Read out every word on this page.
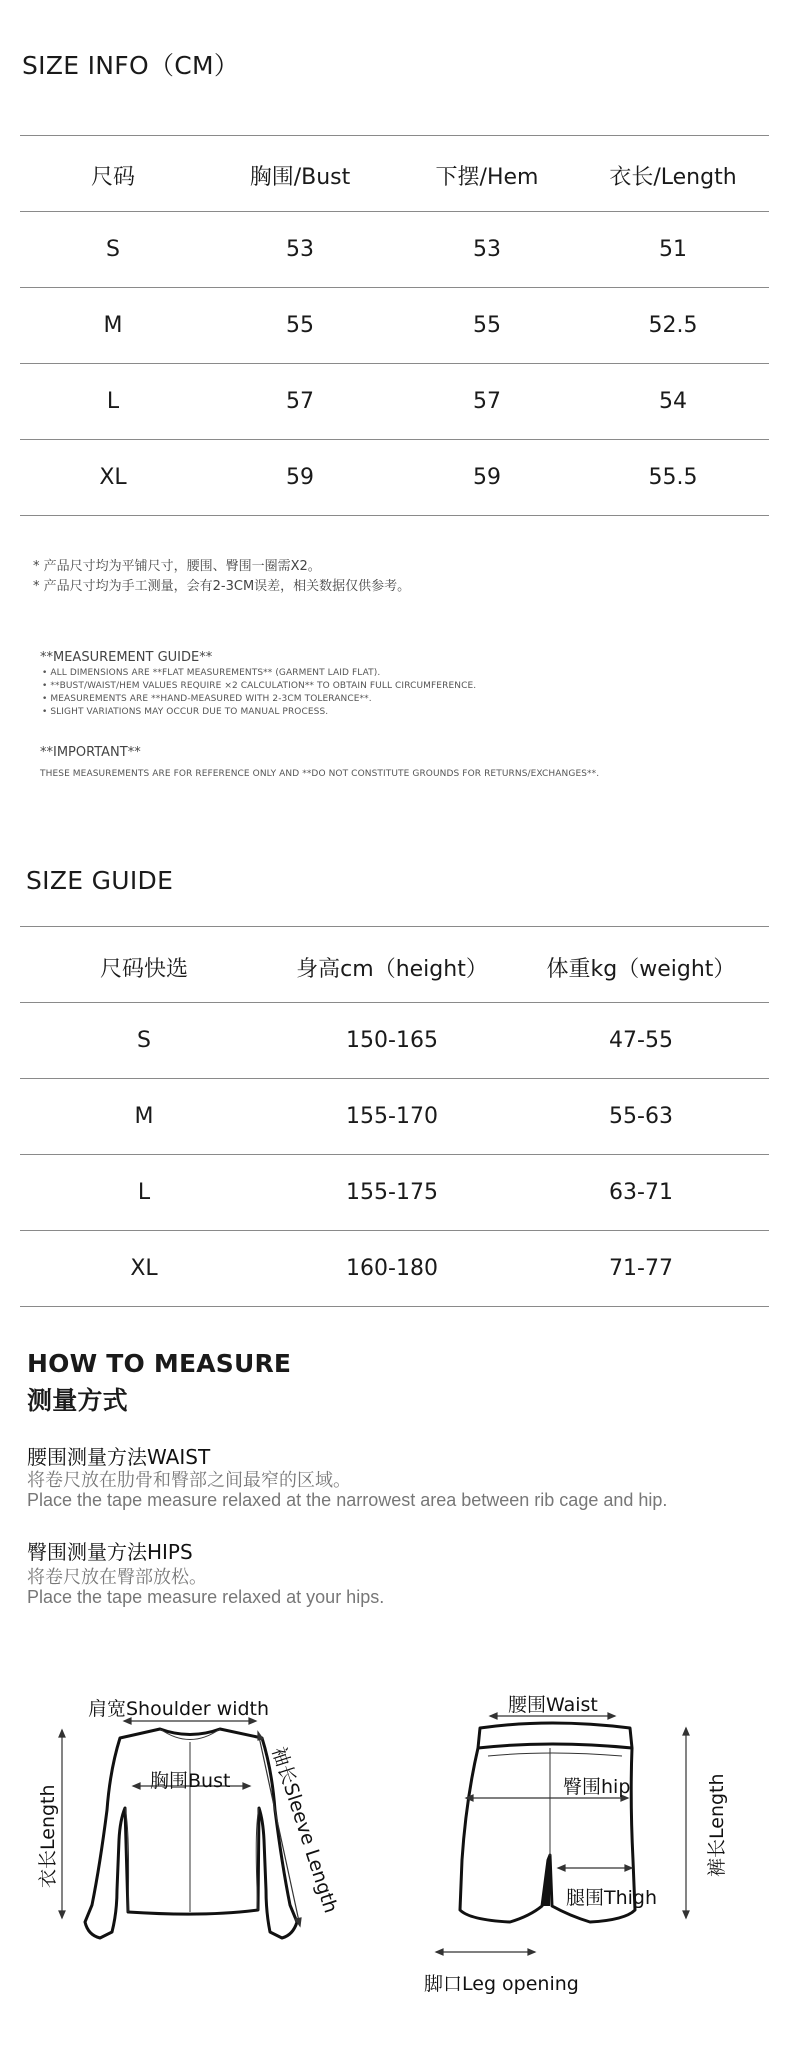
SIZE INFO（CM）
尺码	胸围/Bust	下摆/Hem	衣长/Length
S	53	53	51
M	55	55	52.5
L	57	57	54
XL	59	59	55.5
* 产品尺寸均为平铺尺寸，腰围、臀围一圈需X2。
* 产品尺寸均为手工测量，会有2-3CM误差，相关数据仅供参考。
**MEASUREMENT GUIDE**
• ALL DIMENSIONS ARE **FLAT MEASUREMENTS** (GARMENT LAID FLAT).
• **BUST/WAIST/HEM VALUES REQUIRE ×2 CALCULATION** TO OBTAIN FULL CIRCUMFERENCE.
• MEASUREMENTS ARE **HAND-MEASURED WITH 2-3CM TOLERANCE**.
• SLIGHT VARIATIONS MAY OCCUR DUE TO MANUAL PROCESS.
**IMPORTANT**
THESE MEASUREMENTS ARE FOR REFERENCE ONLY AND **DO NOT CONSTITUTE GROUNDS FOR RETURNS/EXCHANGES**.
SIZE GUIDE
尺码快选	身高cm（height）	体重kg（weight）
S	150-165	47-55
M	155-170	55-63
L	155-175	63-71
XL	160-180	71-77
HOW TO MEASURE
测量方式
腰围测量方法WAIST
将卷尺放在肋骨和臀部之间最窄的区域。
Place the tape measure relaxed at the narrowest area between rib cage and hip.
臀围测量方法HIPS
将卷尺放在臀部放松。
Place the tape measure relaxed at your hips.
肩宽Shoulder width
胸围Bust
衣长Length	袖长Sleeve Length
腰围Waist
臀围hip
腿围Thigh
脚口Leg opening
裤长Length
